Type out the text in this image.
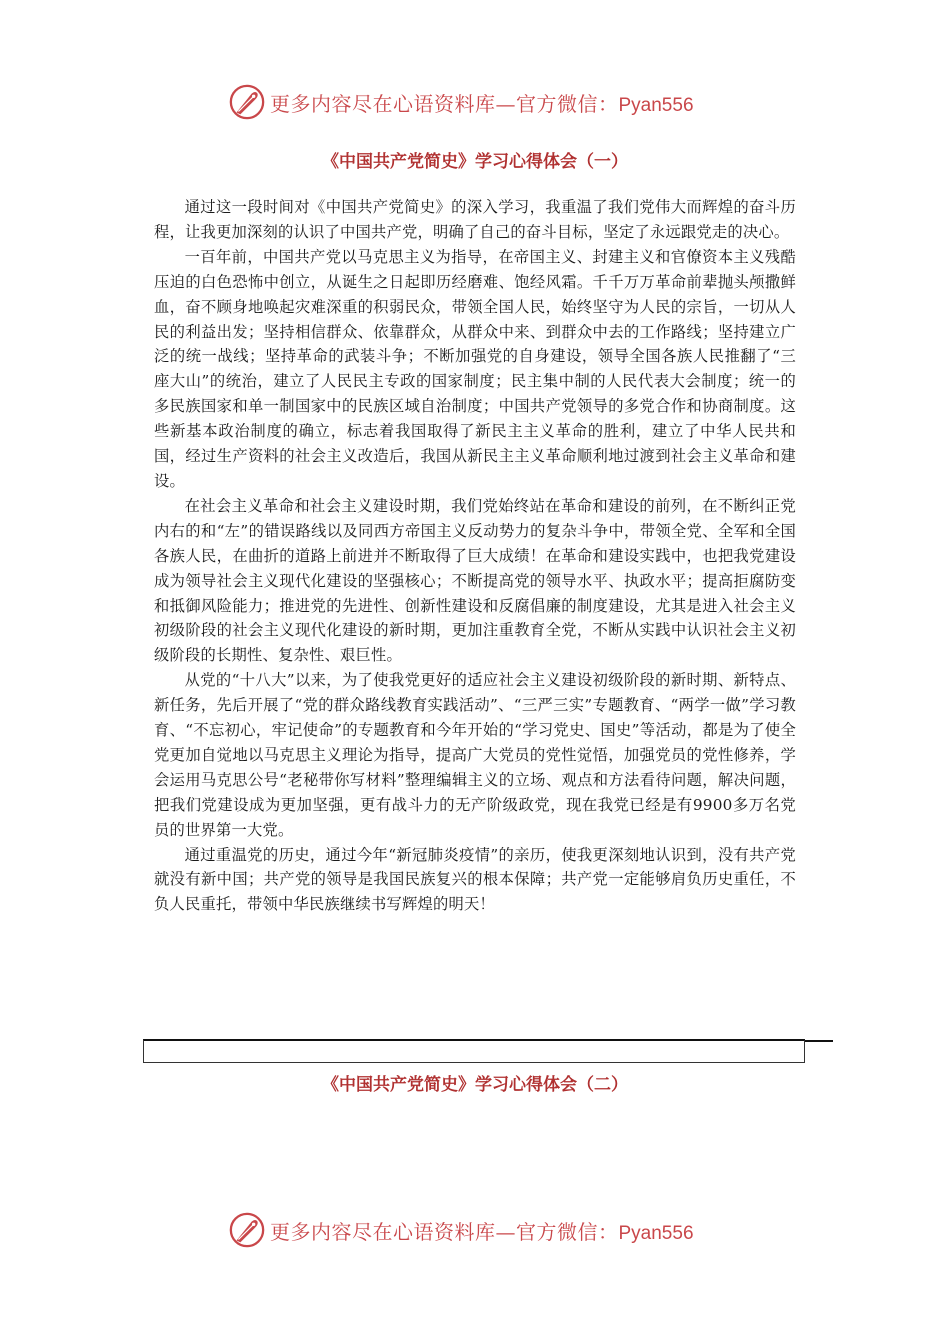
更多内容尽在心语资料库—官方微信：Pyan556
《中国共产党简史》学习心得体会（一）

通过这一段时间对《中国共产党简史》的深入学习，我重温了我们党伟大而辉煌的奋斗历程，让我更加深刻的认识了中国共产党，明确了自己的奋斗目标，坚定了永远跟党走的决心。

一百年前，中国共产党以马克思主义为指导，在帝国主义、封建主义和官僚资本主义残酷压迫的白色恐怖中创立，从诞生之日起即历经磨难、饱经风霜。千千万万革命前辈抛头颅撒鲜血，奋不顾身地唤起灾难深重的积弱民众，带领全国人民，始终坚守为人民的宗旨，一切从人民的利益出发；坚持相信群众、依靠群众，从群众中来、到群众中去的工作路线；坚持建立广泛的统一战线；坚持革命的武装斗争；不断加强党的自身建设，领导全国各族人民推翻了“三座大山”的统治，建立了人民民主专政的国家制度；民主集中制的人民代表大会制度；统一的多民族国家和单一制国家中的民族区域自治制度；中国共产党领导的多党合作和协商制度。这些新基本政治制度的确立，标志着我国取得了新民主主义革命的胜利，建立了中华人民共和国，经过生产资料的社会主义改造后，我国从新民主主义革命顺利地过渡到社会主义革命和建设。

在社会主义革命和社会主义建设时期，我们党始终站在革命和建设的前列，在不断纠正党内右的和“左”的错误路线以及同西方帝国主义反动势力的复杂斗争中，带领全党、全军和全国各族人民，在曲折的道路上前进并不断取得了巨大成绩！在革命和建设实践中，也把我党建设成为领导社会主义现代化建设的坚强核心；不断提高党的领导水平、执政水平；提高拒腐防变和抵御风险能力；推进党的先进性、创新性建设和反腐倡廉的制度建设，尤其是进入社会主义初级阶段的社会主义现代化建设的新时期，更加注重教育全党，不断从实践中认识社会主义初级阶段的长期性、复杂性、艰巨性。

从党的“十八大”以来，为了使我党更好的适应社会主义建设初级阶段的新时期、新特点、新任务，先后开展了“党的群众路线教育实践活动”、“三严三实”专题教育、“两学一做”学习教育、“不忘初心，牢记使命”的专题教育和今年开始的“学习党史、国史”等活动，都是为了使全党更加自觉地以马克思主义理论为指导，提高广大党员的党性觉悟，加强党员的党性修养，学会运用马克思公号“老秘带你写材料”整理编辑主义的立场、观点和方法看待问题，解决问题，把我们党建设成为更加坚强，更有战斗力的无产阶级政党，现在我党已经是有9900多万名党员的世界第一大党。

通过重温党的历史，通过今年“新冠肺炎疫情”的亲历，使我更深刻地认识到，没有共产党就没有新中国；共产党的领导是我国民族复兴的根本保障；共产党一定能够肩负历史重任，不负人民重托，带领中华民族继续书写辉煌的明天！

《中国共产党简史》学习心得体会（二）
更多内容尽在心语资料库—官方微信：Pyan556
